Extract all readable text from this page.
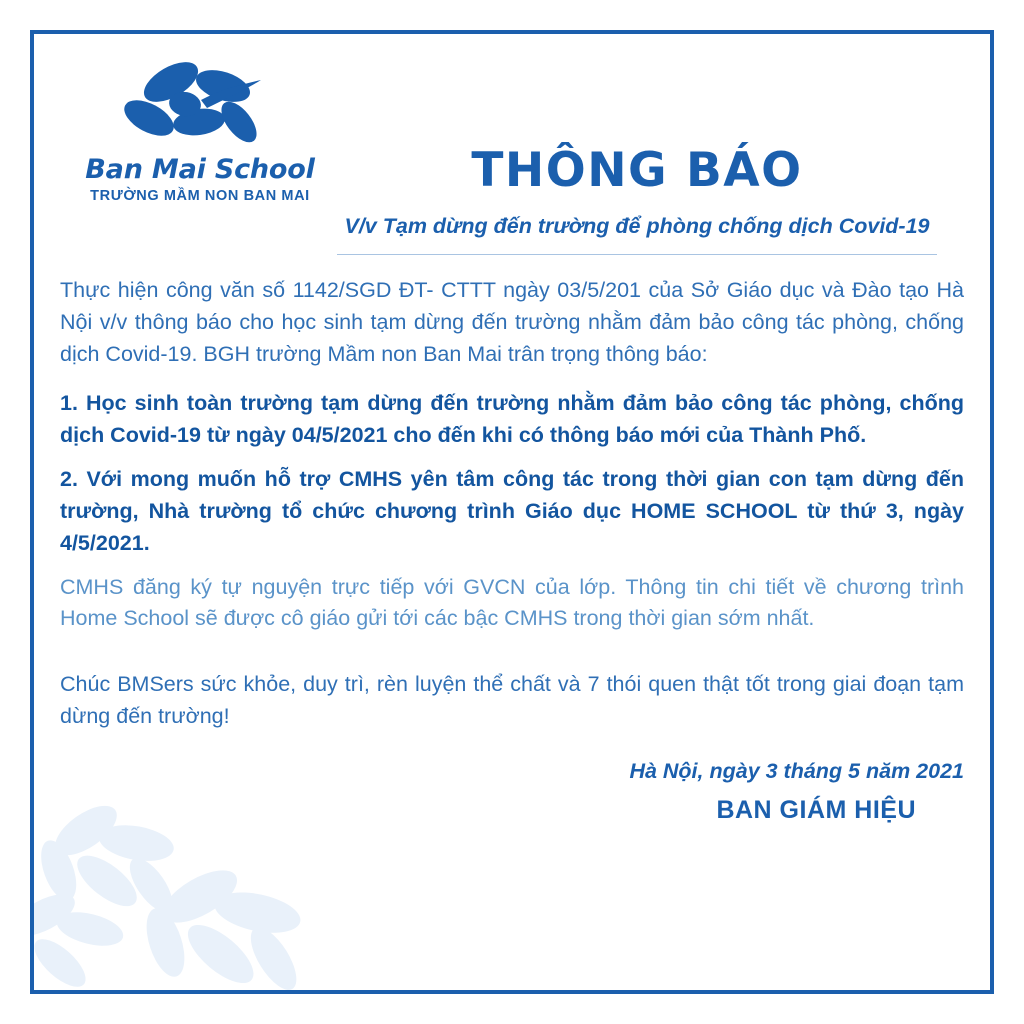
Ban Mai School
TRƯỜNG MẦM NON BAN MAI	THÔNG BÁO
V/v Tạm dừng đến trường để phòng chống dịch Covid-19

Thực hiện công văn số 1142/SGD ĐT- CTTT ngày 03/5/201 của Sở Giáo dục và Đào tạo Hà Nội v/v thông báo cho học sinh tạm dừng đến trường nhằm đảm bảo công tác phòng, chống dịch Covid-19. BGH trường Mầm non Ban Mai trân trọng thông báo:

1. Học sinh toàn trường tạm dừng đến trường nhằm đảm bảo công tác phòng, chống dịch Covid-19 từ ngày 04/5/2021 cho đến khi có thông báo mới của Thành Phố.

2. Với mong muốn hỗ trợ CMHS yên tâm công tác trong thời gian con tạm dừng đến trường, Nhà trường tổ chức chương trình Giáo dục HOME SCHOOL từ thứ 3, ngày 4/5/2021.

CMHS đăng ký tự nguyện trực tiếp với GVCN của lớp. Thông tin chi tiết về chương trình Home School sẽ được cô giáo gửi tới các bậc CMHS trong thời gian sớm nhất.

Chúc BMSers sức khỏe, duy trì, rèn luyện thể chất và 7 thói quen thật tốt trong giai đoạn tạm dừng đến trường!

Hà Nội, ngày 3 tháng 5 năm 2021
BAN GIÁM HIỆU
